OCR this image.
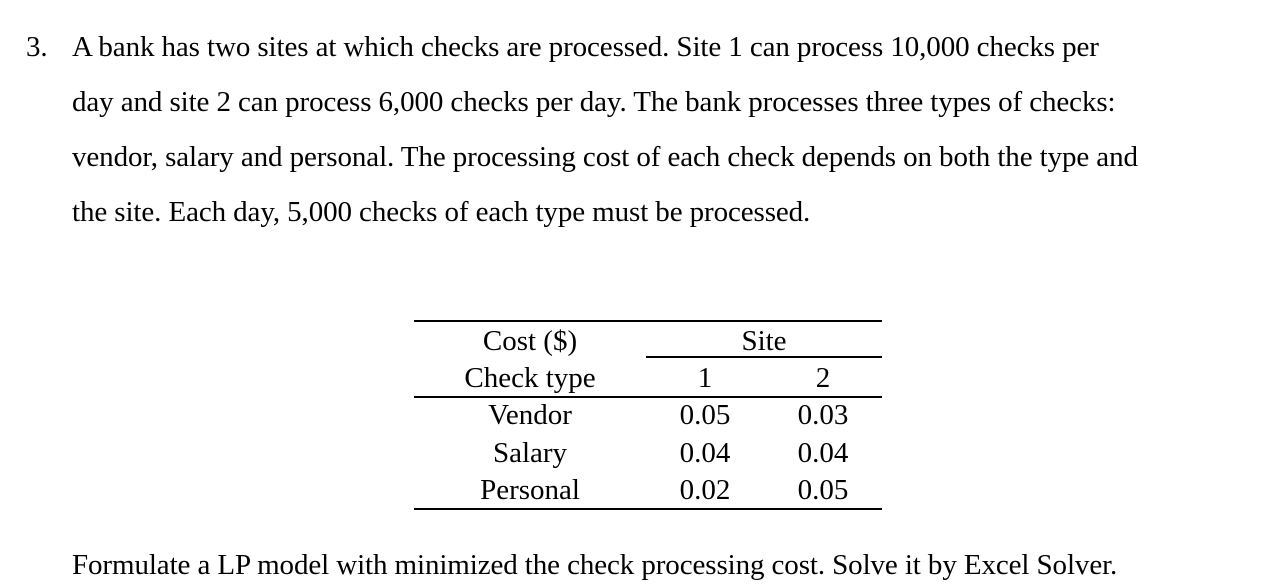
3. A bank has two sites at which checks are processed. Site 1 can process 10,000 checks per
day and site 2 can process 6,000 checks per day. The bank processes three types of checks:
vendor, salary and personal. The processing cost of each check depends on both the type and
the site. Each day, 5,000 checks of each type must be processed.
Cost ($)	Site
Check type	1	2
Vendor	0.05	0.03
Salary	0.04	0.04
Personal	0.02	0.05
Formulate a LP model with minimized the check processing cost. Solve it by Excel Solver.
